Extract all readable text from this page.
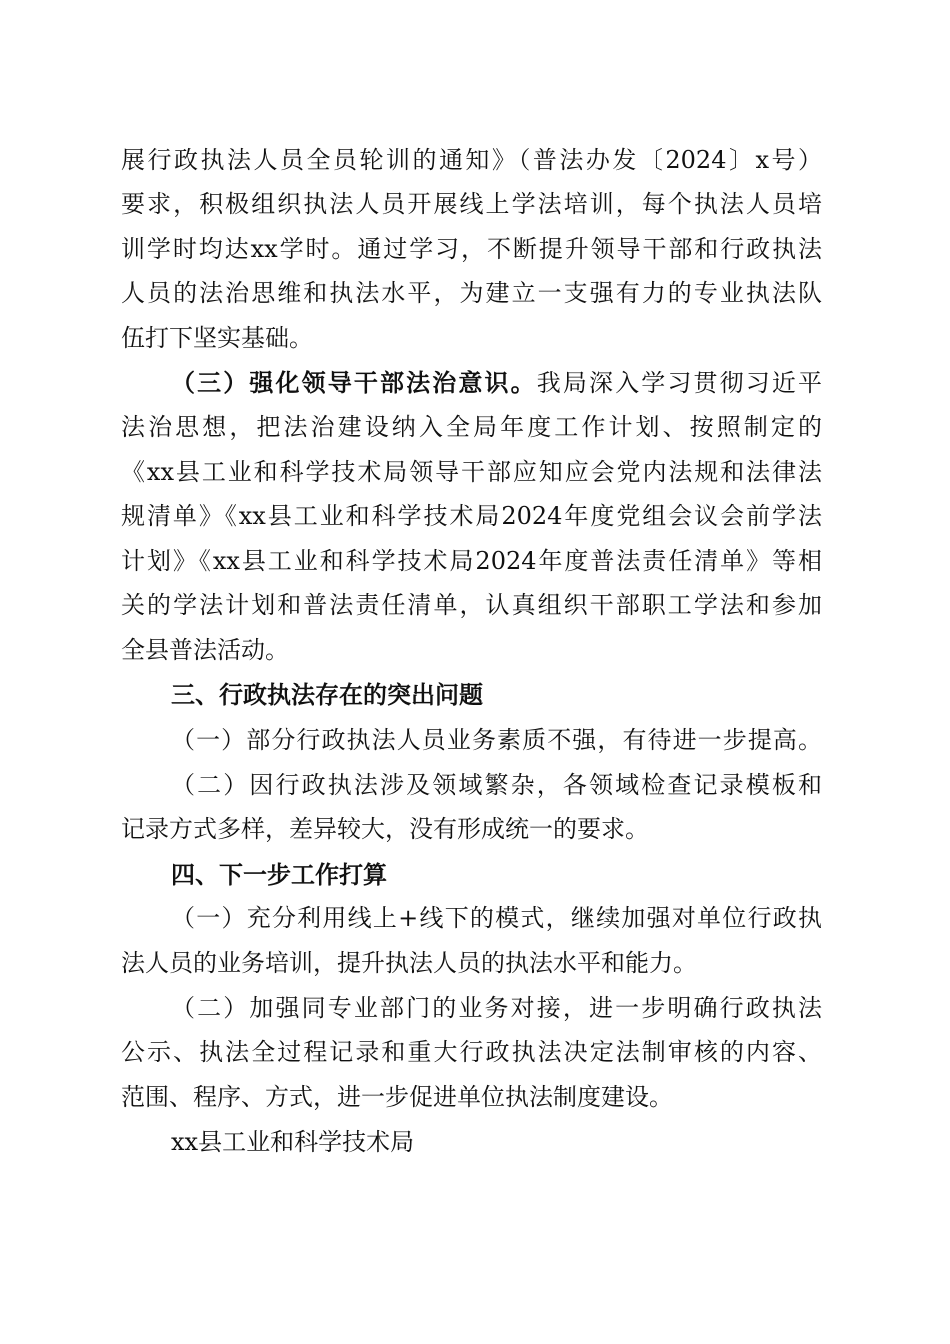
展行政执法人员全员轮训的通知》（普法办发〔2024〕x号）
要求，积极组织执法人员开展线上学法培训，每个执法人员培
训学时均达xx学时。通过学习，不断提升领导干部和行政执法
人员的法治思维和执法水平，为建立一支强有力的专业执法队
伍打下坚实基础。
（三）强化领导干部法治意识。我局深入学习贯彻习近平
法治思想，把法治建设纳入全局年度工作计划、按照制定的
《xx县工业和科学技术局领导干部应知应会党内法规和法律法
规清单》《xx县工业和科学技术局2024年度党组会议会前学法
计划》《xx县工业和科学技术局2024年度普法责任清单》等相
关的学法计划和普法责任清单，认真组织干部职工学法和参加
全县普法活动。
三、行政执法存在的突出问题
（一）部分行政执法人员业务素质不强，有待进一步提高。
（二）因行政执法涉及领域繁杂，各领域检查记录模板和
记录方式多样，差异较大，没有形成统一的要求。
四、下一步工作打算
（一）充分利用线上+线下的模式，继续加强对单位行政执
法人员的业务培训，提升执法人员的执法水平和能力。
（二）加强同专业部门的业务对接，进一步明确行政执法
公示、执法全过程记录和重大行政执法决定法制审核的内容、
范围、程序、方式，进一步促进单位执法制度建设。
xx县工业和科学技术局
